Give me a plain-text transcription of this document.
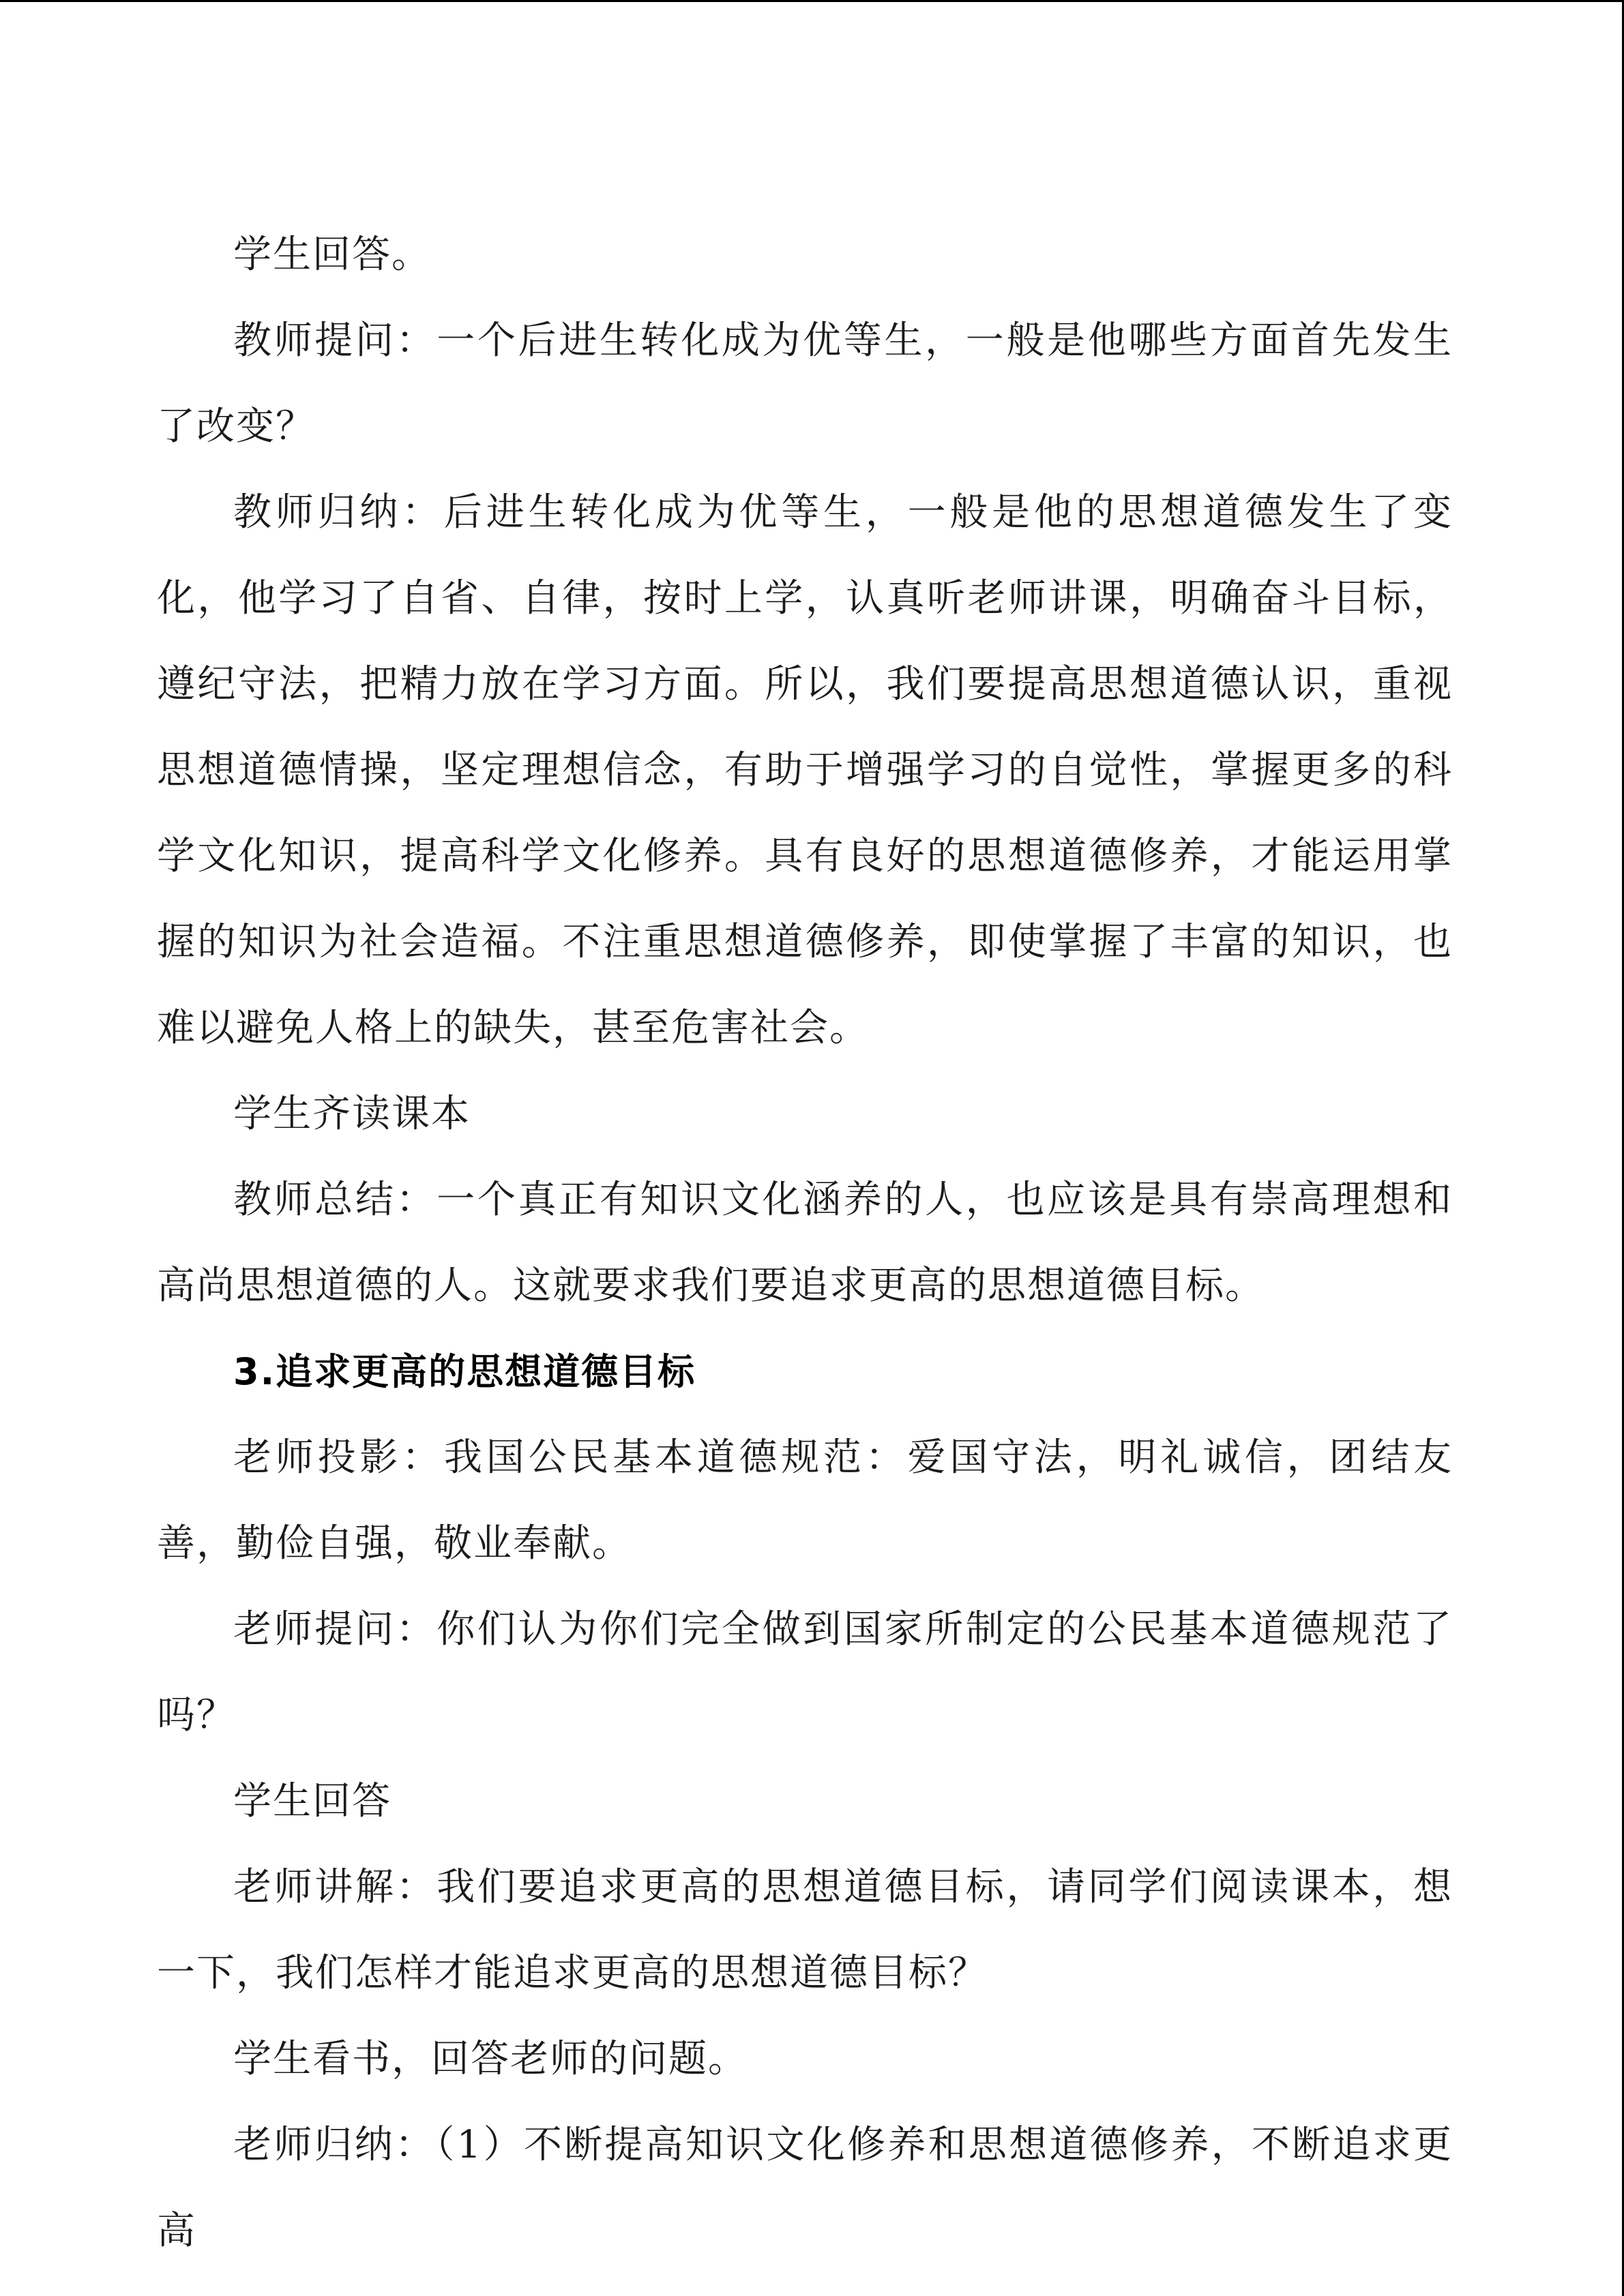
学生回答。

教师提问：一个后进生转化成为优等生，一般是他哪些方面首先发生了改变？

教师归纳：后进生转化成为优等生，一般是他的思想道德发生了变化，他学习了自省、自律，按时上学，认真听老师讲课，明确奋斗目标，遵纪守法，把精力放在学习方面。所以，我们要提高思想道德认识，重视思想道德情操，坚定理想信念，有助于增强学习的自觉性，掌握更多的科学文化知识，提高科学文化修养。具有良好的思想道德修养，才能运用掌握的知识为社会造福。不注重思想道德修养，即使掌握了丰富的知识，也难以避免人格上的缺失，甚至危害社会。

学生齐读课本

教师总结：一个真正有知识文化涵养的人，也应该是具有崇高理想和高尚思想道德的人。这就要求我们要追求更高的思想道德目标。

3.追求更高的思想道德目标

老师投影：我国公民基本道德规范：爱国守法，明礼诚信，团结友善，勤俭自强，敬业奉献。

老师提问：你们认为你们完全做到国家所制定的公民基本道德规范了吗？

学生回答

老师讲解：我们要追求更高的思想道德目标，请同学们阅读课本，想一下，我们怎样才能追求更高的思想道德目标？

学生看书，回答老师的问题。

老师归纳：（1）不断提高知识文化修养和思想道德修养，不断追求更高
